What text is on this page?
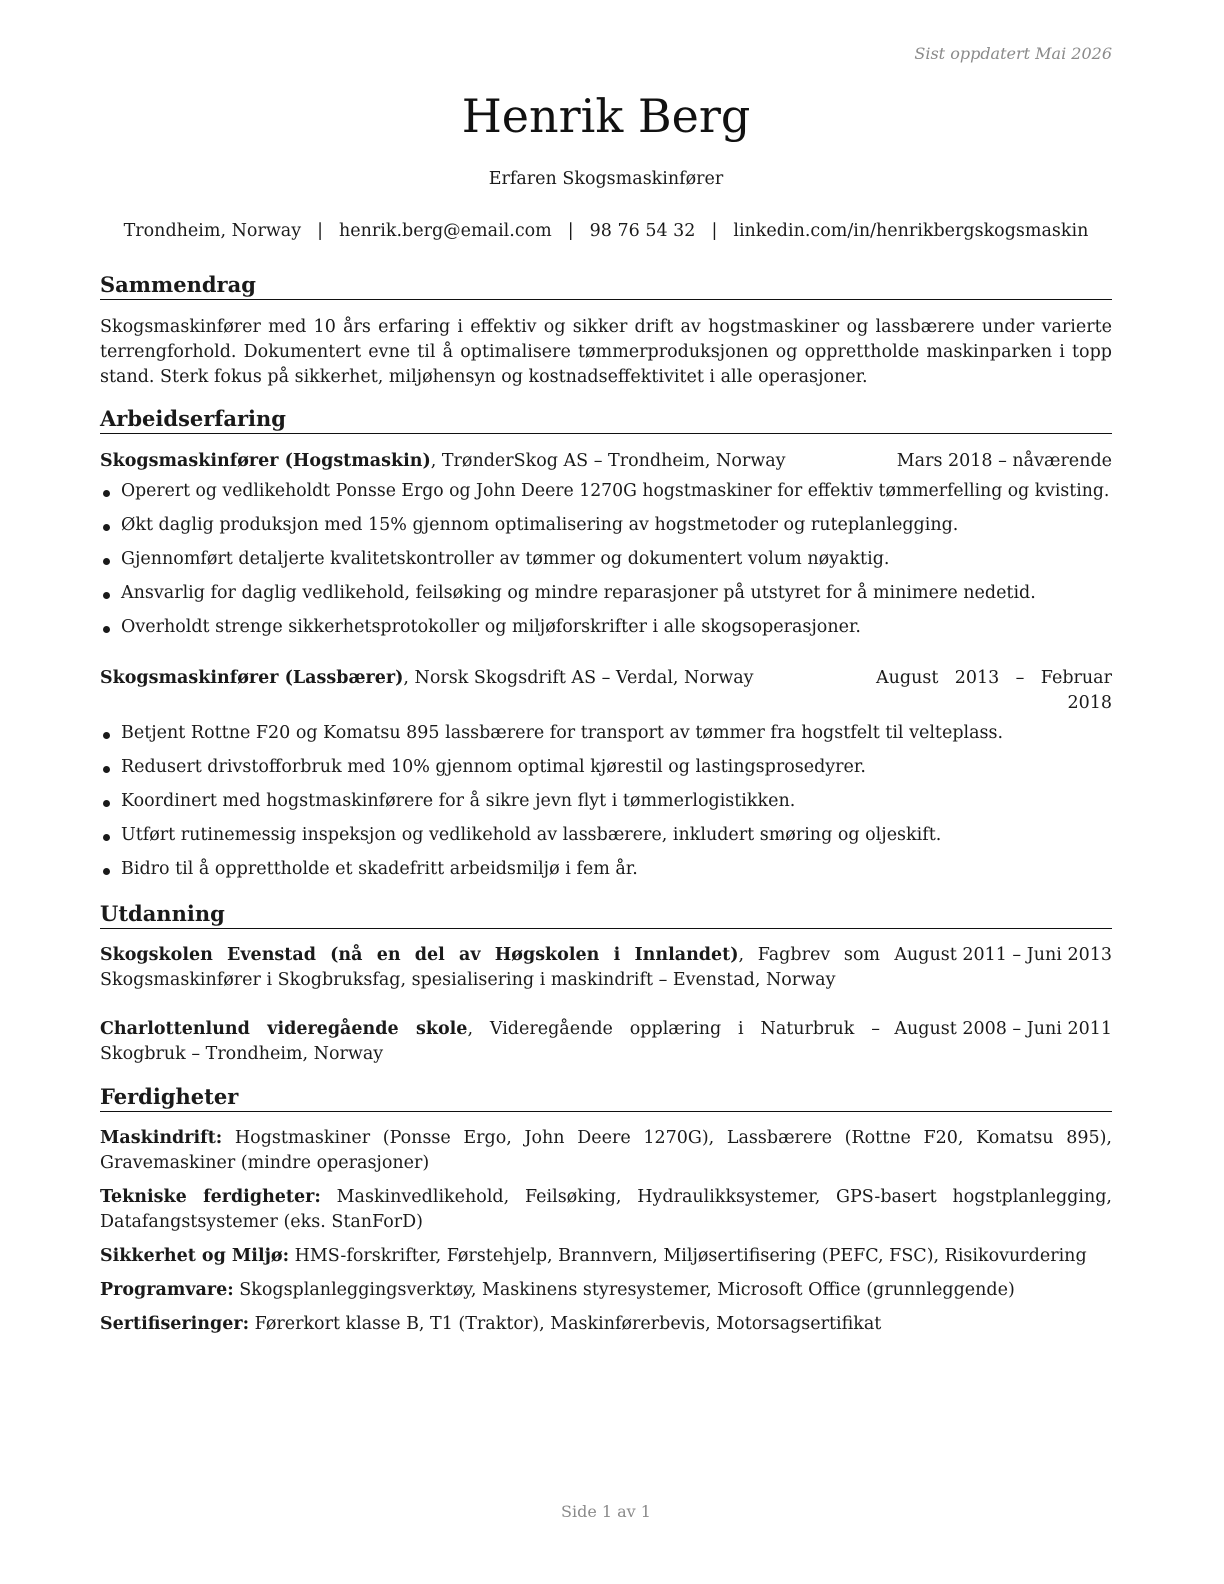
Sist oppdatert Mai 2026
Henrik Berg
Erfaren Skogsmaskinfører
Trondheim, Norway | henrik.berg@email.com | 98 76 54 32 | linkedin.com/in/henrikbergskogsmaskin
Sammendrag
Skogsmaskinfører med 10 års erfaring i effektiv og sikker drift av hogstmaskiner og lassbærere under varierte terrengforhold. Dokumentert evne til å optimalisere tømmerproduksjonen og opprettholde maskinparken i topp stand. Sterk fokus på sikkerhet, miljøhensyn og kostnadseffektivitet i alle operasjoner.
Arbeidserfaring
Skogsmaskinfører (Hogstmaskin), TrønderSkog AS – Trondheim, Norway	Mars 2018 – nåværende
Operert og vedlikeholdt Ponsse Ergo og John Deere 1270G hogstmaskiner for effektiv tømmerfelling og kvisting.
Økt daglig produksjon med 15% gjennom optimalisering av hogstmetoder og ruteplanlegging.
Gjennomført detaljerte kvalitetskontroller av tømmer og dokumentert volum nøyaktig.
Ansvarlig for daglig vedlikehold, feilsøking og mindre reparasjoner på utstyret for å minimere nedetid.
Overholdt strenge sikkerhetsprotokoller og miljøforskrifter i alle skogsoperasjoner.
Skogsmaskinfører (Lassbærer), Norsk Skogsdrift AS – Verdal, Norway	August 2013 – Februar 2018
Betjent Rottne F20 og Komatsu 895 lassbærere for transport av tømmer fra hogstfelt til velteplass.
Redusert drivstofforbruk med 10% gjennom optimal kjørestil og lastingsprosedyrer.
Koordinert med hogstmaskinførere for å sikre jevn flyt i tømmerlogistikken.
Utført rutinemessig inspeksjon og vedlikehold av lassbærere, inkludert smøring og oljeskift.
Bidro til å opprettholde et skadefritt arbeidsmiljø i fem år.
Utdanning
Skogskolen Evenstad (nå en del av Høgskolen i Innlandet), Fagbrev som Skogsmaskinfører i Skogbruksfag, spesialisering i maskindrift – Evenstad, Norway
August 2011 – Juni 2013
Charlottenlund videregående skole, Videregående opplæring i Naturbruk – Skogbruk – Trondheim, Norway
August 2008 – Juni 2011
Ferdigheter
Maskindrift: Hogstmaskiner (Ponsse Ergo, John Deere 1270G), Lassbærere (Rottne F20, Komatsu 895), Gravemaskiner (mindre operasjoner)
Tekniske ferdigheter: Maskinvedlikehold, Feilsøking, Hydraulikksystemer, GPS-basert hogstplanlegging, Datafangstsystemer (eks. StanForD)
Sikkerhet og Miljø: HMS-forskrifter, Førstehjelp, Brannvern, Miljøsertifisering (PEFC, FSC), Risikovurdering
Programvare: Skogsplanleggingsverktøy, Maskinens styresystemer, Microsoft Office (grunnleggende)
Sertifiseringer: Førerkort klasse B, T1 (Traktor), Maskinførerbevis, Motorsagsertifikat
Side 1 av 1
